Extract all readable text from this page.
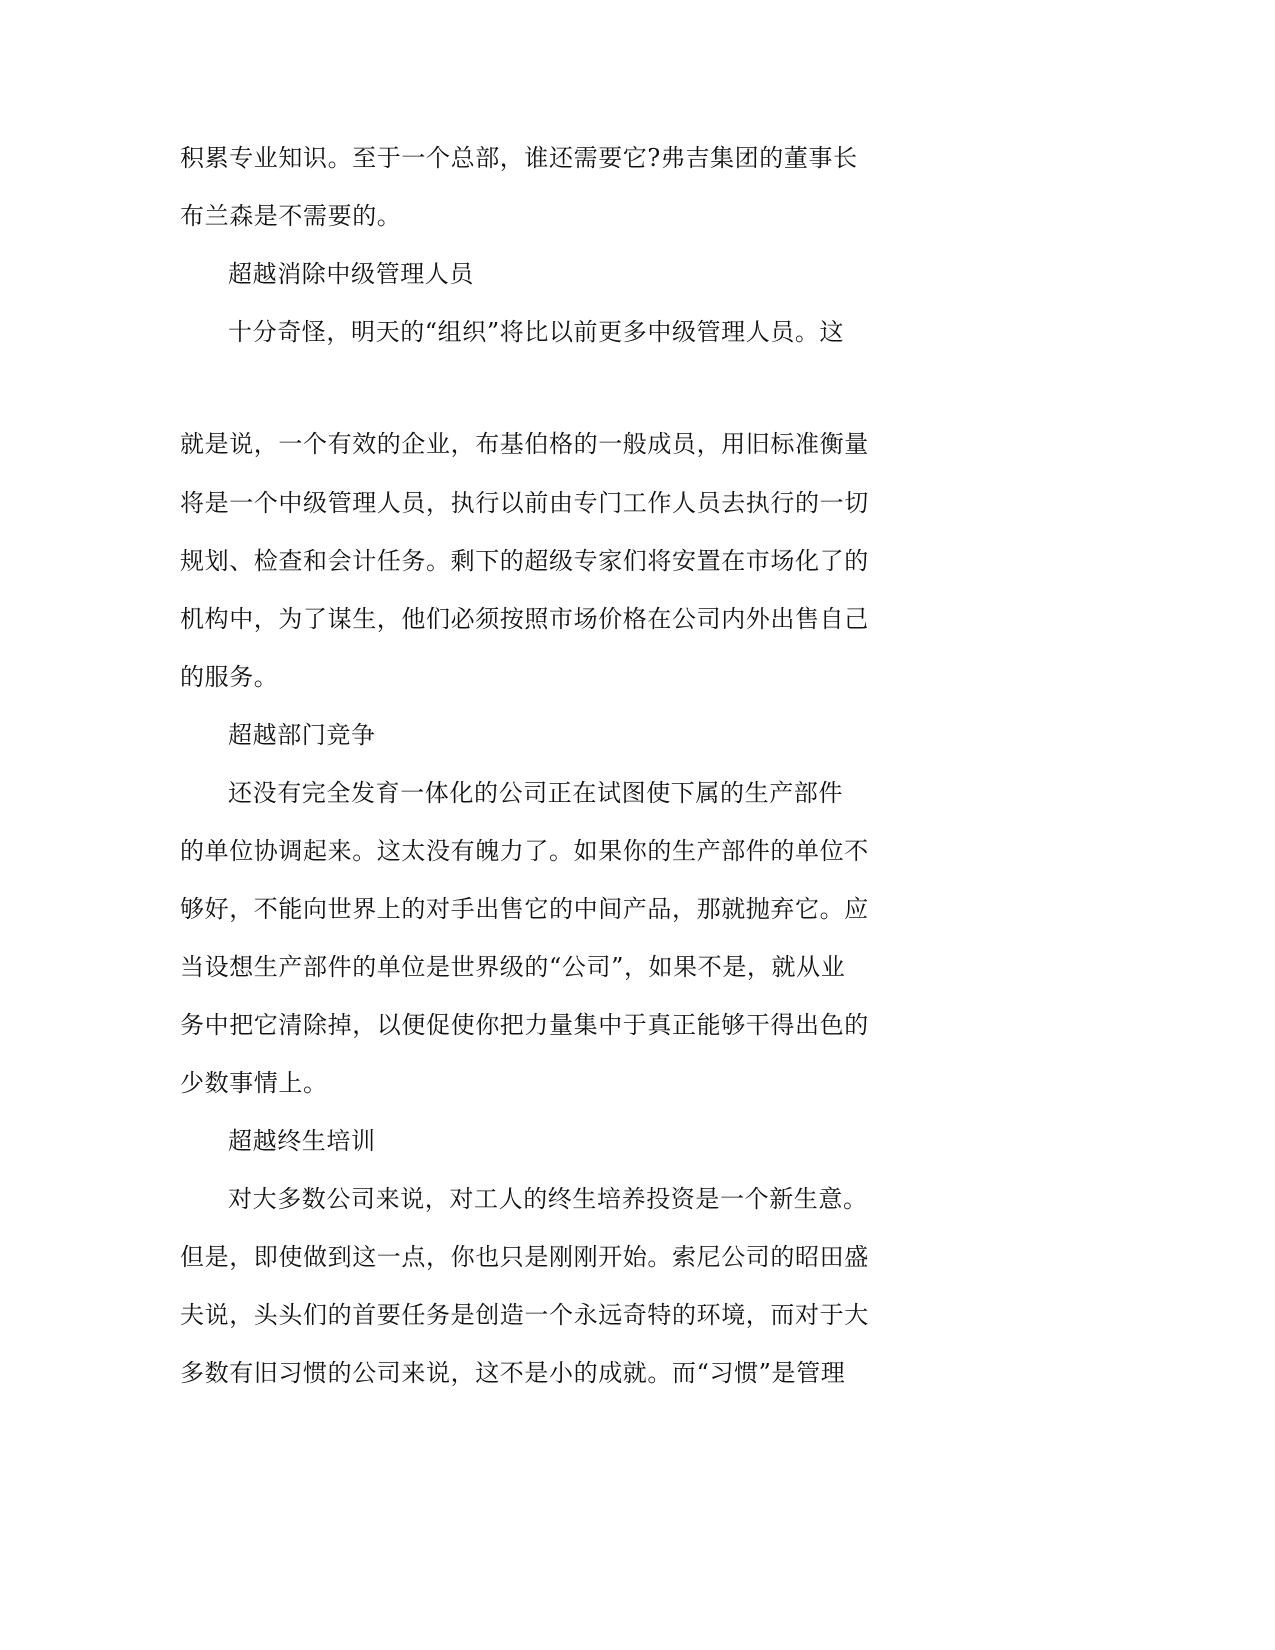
积累专业知识。至于一个总部，谁还需要它?弗吉集团的董事长
布兰森是不需要的。
超越消除中级管理人员
十分奇怪，明天的“组织”将比以前更多中级管理人员。这
就是说，一个有效的企业，布基伯格的一般成员，用旧标准衡量
将是一个中级管理人员，执行以前由专门工作人员去执行的一切
规划、检查和会计任务。剩下的超级专家们将安置在市场化了的
机构中，为了谋生，他们必须按照市场价格在公司内外出售自己
的服务。
超越部门竞争
还没有完全发育一体化的公司正在试图使下属的生产部件
的单位协调起来。这太没有魄力了。如果你的生产部件的单位不
够好，不能向世界上的对手出售它的中间产品，那就抛弃它。应
当设想生产部件的单位是世界级的“公司”，如果不是，就从业
务中把它清除掉，以便促使你把力量集中于真正能够干得出色的
少数事情上。
超越终生培训
对大多数公司来说，对工人的终生培养投资是一个新生意。
但是，即使做到这一点，你也只是刚刚开始。索尼公司的昭田盛
夫说，头头们的首要任务是创造一个永远奇特的环境，而对于大
多数有旧习惯的公司来说，这不是小的成就。而“习惯”是管理
